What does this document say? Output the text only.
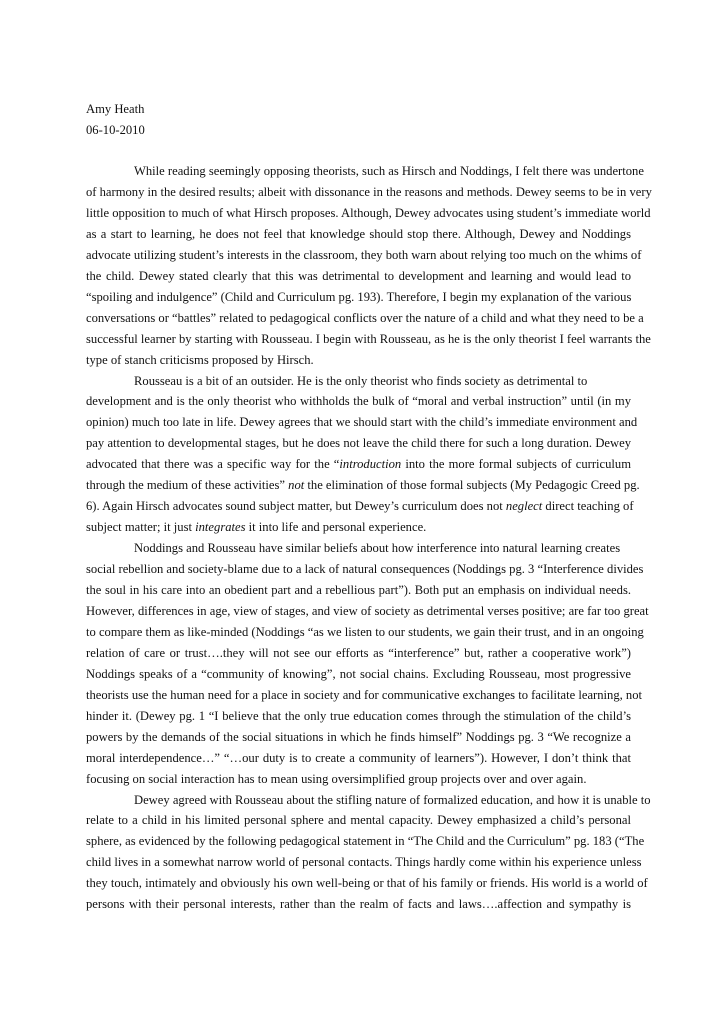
Amy Heath
06-10-2010
While reading seemingly opposing theorists, such as Hirsch and Noddings, I felt there was undertone
of harmony in the desired results; albeit with dissonance in the reasons and methods. Dewey seems to be in very
little opposition to much of what Hirsch proposes. Although, Dewey advocates using student’s immediate world
as a start to learning, he does not feel that knowledge should stop there. Although, Dewey and Noddings
advocate utilizing student’s interests in the classroom, they both warn about relying too much on the whims of
the child. Dewey stated clearly that this was detrimental to development and learning and would lead to
“spoiling and indulgence” (Child and Curriculum pg. 193). Therefore, I begin my explanation of the various
conversations or “battles” related to pedagogical conflicts over the nature of a child and what they need to be a
successful learner by starting with Rousseau. I begin with Rousseau, as he is the only theorist I feel warrants the
type of stanch criticisms proposed by Hirsch.
Rousseau is a bit of an outsider. He is the only theorist who finds society as detrimental to
development and is the only theorist who withholds the bulk of “moral and verbal instruction” until (in my
opinion) much too late in life. Dewey agrees that we should start with the child’s immediate environment and
pay attention to developmental stages, but he does not leave the child there for such a long duration. Dewey
advocated that there was a specific way for the “introduction into the more formal subjects of curriculum
through the medium of these activities” not the elimination of those formal subjects (My Pedagogic Creed pg.
6). Again Hirsch advocates sound subject matter, but Dewey’s curriculum does not neglect direct teaching of
subject matter; it just integrates it into life and personal experience.
Noddings and Rousseau have similar beliefs about how interference into natural learning creates
social rebellion and society-blame due to a lack of natural consequences (Noddings pg. 3 “Interference divides
the soul in his care into an obedient part and a rebellious part”). Both put an emphasis on individual needs.
However, differences in age, view of stages, and view of society as detrimental verses positive; are far too great
to compare them as like-minded (Noddings “as we listen to our students, we gain their trust, and in an ongoing
relation of care or trust….they will not see our efforts as “interference” but, rather a cooperative work”)
Noddings speaks of a “community of knowing”, not social chains. Excluding Rousseau, most progressive
theorists use the human need for a place in society and for communicative exchanges to facilitate learning, not
hinder it. (Dewey pg. 1 “I believe that the only true education comes through the stimulation of the child’s
powers by the demands of the social situations in which he finds himself” Noddings pg. 3 “We recognize a
moral interdependence…” “…our duty is to create a community of learners”). However, I don’t think that
focusing on social interaction has to mean using oversimplified group projects over and over again.
Dewey agreed with Rousseau about the stifling nature of formalized education, and how it is unable to
relate to a child in his limited personal sphere and mental capacity. Dewey emphasized a child’s personal
sphere, as evidenced by the following pedagogical statement in “The Child and the Curriculum” pg. 183 (“The
child lives in a somewhat narrow world of personal contacts. Things hardly come within his experience unless
they touch, intimately and obviously his own well-being or that of his family or friends. His world is a world of
persons with their personal interests, rather than the realm of facts and laws….affection and sympathy is
